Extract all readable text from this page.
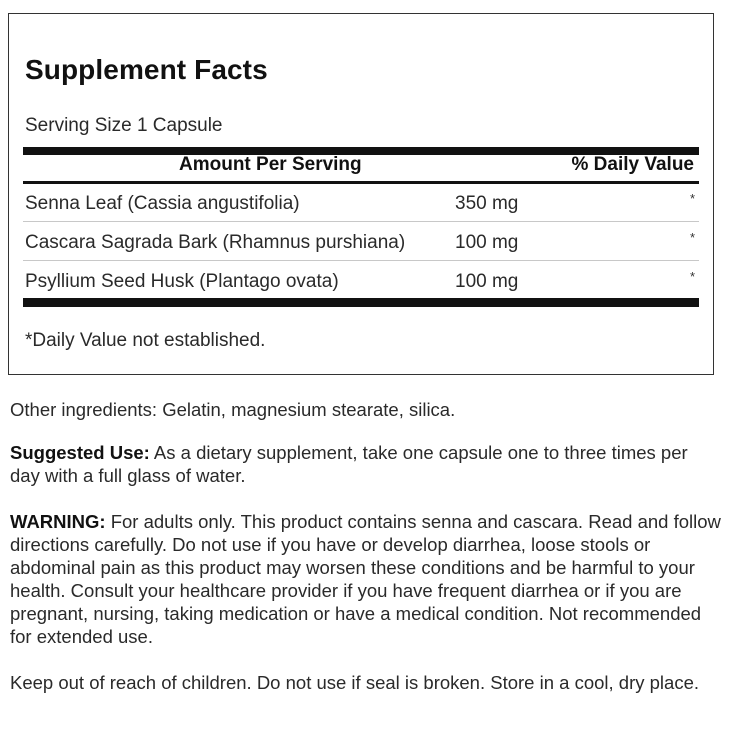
Supplement Facts
Serving Size 1 Capsule
Amount Per Serving	% Daily Value
Senna Leaf (Cassia angustifolia)	350 mg	*
Cascara Sagrada Bark (Rhamnus purshiana)	100 mg	*
Psyllium Seed Husk (Plantago ovata)	100 mg	*
*Daily Value not established.
Other ingredients: Gelatin, magnesium stearate, silica.
Suggested Use: As a dietary supplement, take one capsule one to three times per day with a full glass of water.
WARNING: For adults only. This product contains senna and cascara. Read and follow directions carefully. Do not use if you have or develop diarrhea, loose stools or abdominal pain as this product may worsen these conditions and be harmful to your health. Consult your healthcare provider if you have frequent diarrhea or if you are pregnant, nursing, taking medication or have a medical condition. Not recommended for extended use.
Keep out of reach of children. Do not use if seal is broken. Store in a cool, dry place.
